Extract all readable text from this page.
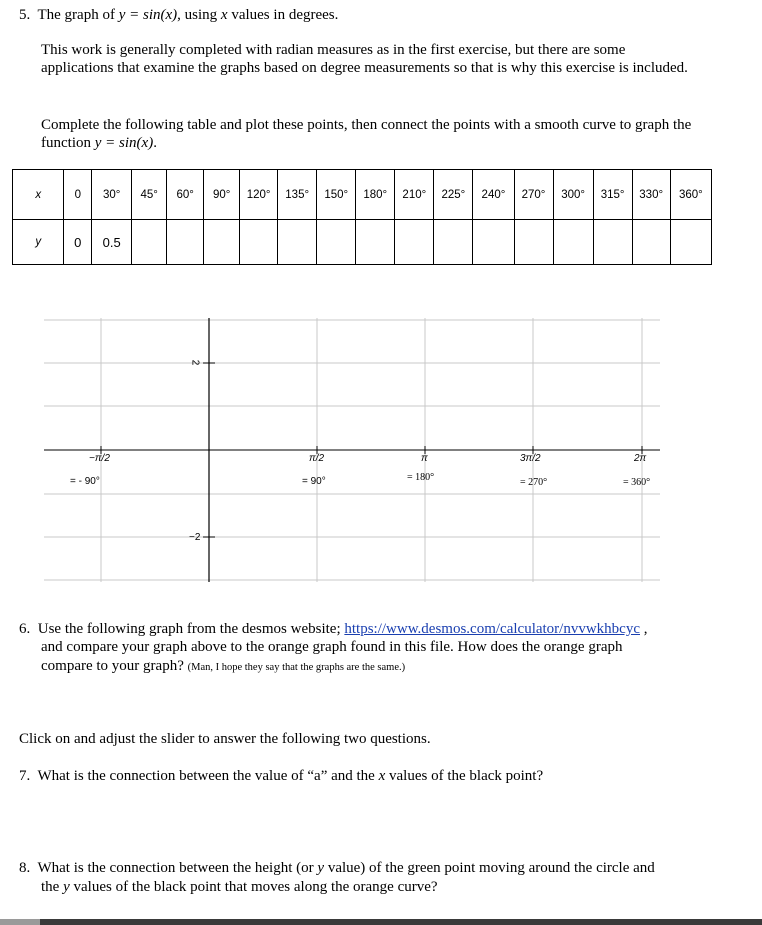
5. The graph of y = sin(x), using x values in degrees.
This work is generally completed with radian measures as in the first exercise, but there are some applications that examine the graphs based on degree measurements so that is why this exercise is included.
Complete the following table and plot these points, then connect the points with a smooth curve to graph the function y = sin(x).
x	0	30°	45°	60°	90°	120°	135°	150°	180°	210°	225°	240°	270°	300°	315°	330°	360°
y	0	0.5															
2
−2
−π/2	π/2	π	3π/2	2π
= - 90°	= 90°	= 180°	= 270°	= 360°
6. Use the following graph from the desmos website; https://www.desmos.com/calculator/nvvwkhbcyc ,
and compare your graph above to the orange graph found in this file. How does the orange graph
compare to your graph? (Man, I hope they say that the graphs are the same.)
Click on and adjust the slider to answer the following two questions.
7. What is the connection between the value of “a” and the x values of the black point?
8. What is the connection between the height (or y value) of the green point moving around the circle and
the y values of the black point that moves along the orange curve?
